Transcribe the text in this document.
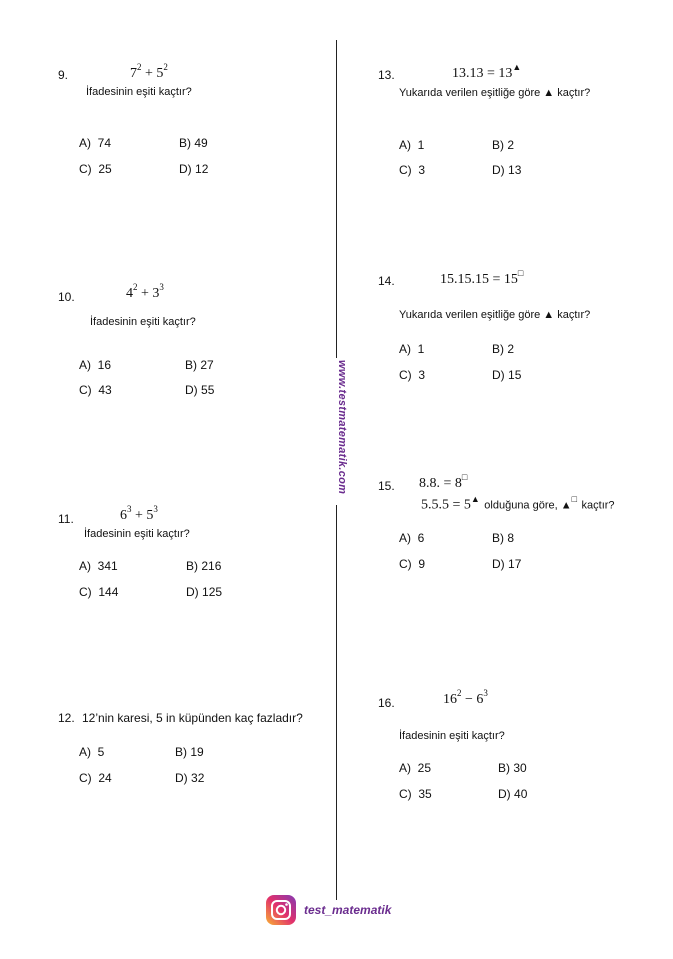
www.testmatematik.com
9.	$7^2 + 5^2$
İfadesinin eşiti kaçtır?
A) 74	B) 49
C) 25	D) 12
10.	$4^2 + 3^3$
İfadesinin eşiti kaçtır?
A) 16	B) 27
C) 43	D) 55
11.	$6^3 + 5^3$
İfadesinin eşiti kaçtır?
A) 341	B) 216
C) 144	D) 125
12. 12’nin karesi, 5 in küpünden kaç fazladır?
A) 5	B) 19
C) 24	D) 32
13.	13.13 = 13▲
Yukarıda verilen eşitliğe göre ▲ kaçtır?
A) 1	B) 2
C) 3	D) 13
14.	15.15.15 = 15□
Yukarıda verilen eşitliğe göre ▲ kaçtır?
A) 1	B) 2
C) 3	D) 15
15. 8.8. = 8□
5.5.5 = 5▲ olduğuna göre, ▲□ kaçtır?
A) 6	B) 8
C) 9	D) 17
16.	$16^2 - 6^3$
İfadesinin eşiti kaçtır?
A) 25	B) 30
C) 35	D) 40
test_matematik
